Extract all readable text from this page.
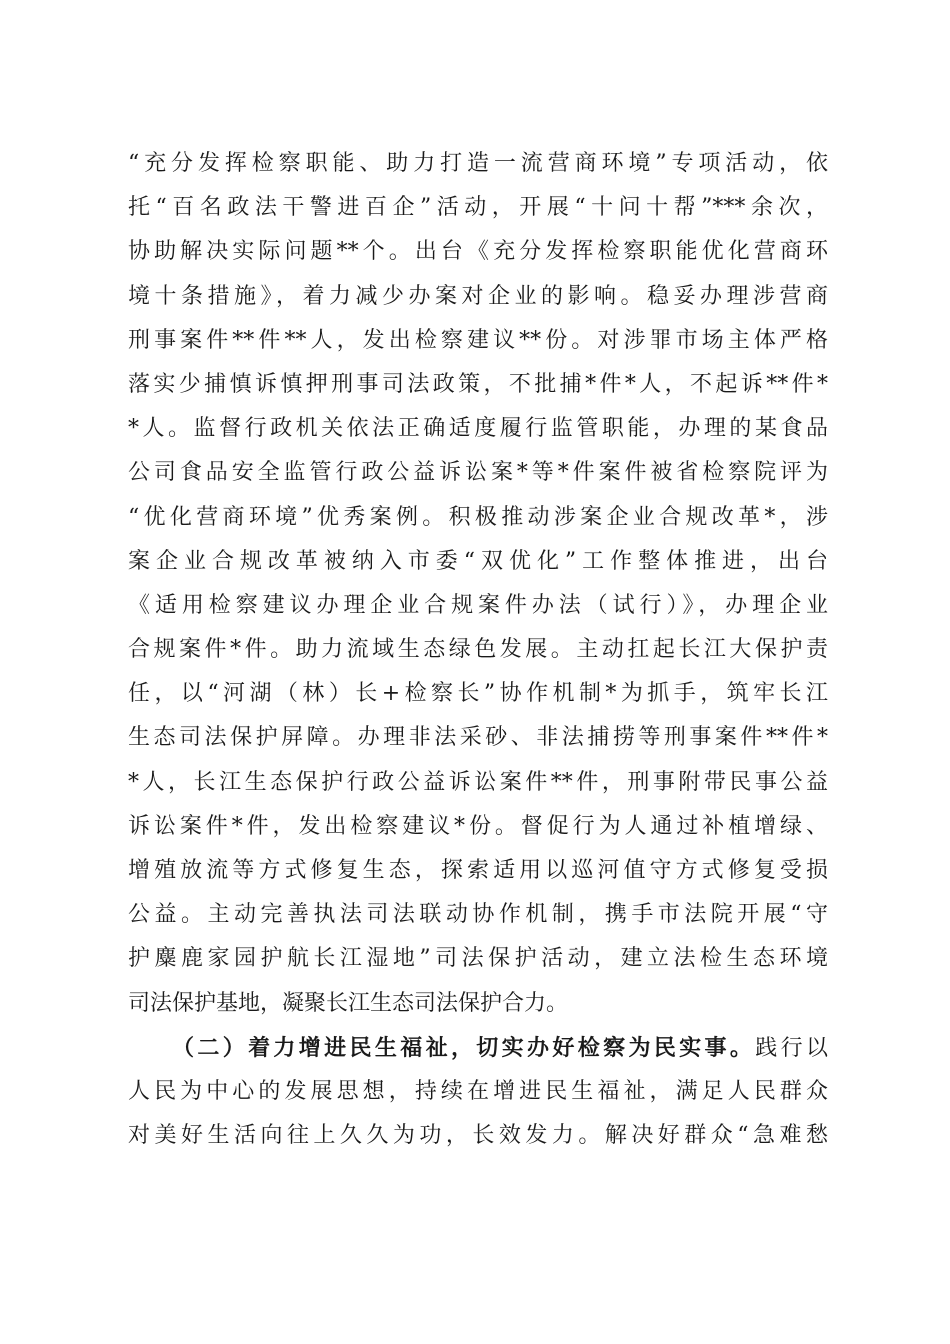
“充分发挥检察职能、助力打造一流营商环境”专项活动，依
托“百名政法干警进百企”活动，开展“十问十帮”***余次，
协助解决实际问题**个。出台《充分发挥检察职能优化营商环
境十条措施》，着力减少办案对企业的影响。稳妥办理涉营商
刑事案件**件**人，发出检察建议**份。对涉罪市场主体严格
落实少捕慎诉慎押刑事司法政策，不批捕*件*人，不起诉**件*
*人。监督行政机关依法正确适度履行监管职能，办理的某食品
公司食品安全监管行政公益诉讼案*等*件案件被省检察院评为
“优化营商环境”优秀案例。积极推动涉案企业合规改革*，涉
案企业合规改革被纳入市委“双优化”工作整体推进，出台
《适用检察建议办理企业合规案件办法（试行）》，办理企业
合规案件*件。助力流域生态绿色发展。主动扛起长江大保护责
任，以“河湖（林）长+检察长”协作机制*为抓手，筑牢长江
生态司法保护屏障。办理非法采砂、非法捕捞等刑事案件**件*
*人，长江生态保护行政公益诉讼案件**件，刑事附带民事公益
诉讼案件*件，发出检察建议*份。督促行为人通过补植增绿、
增殖放流等方式修复生态，探索适用以巡河值守方式修复受损
公益。主动完善执法司法联动协作机制，携手市法院开展“守
护麋鹿家园护航长江湿地”司法保护活动，建立法检生态环境
司法保护基地，凝聚长江生态司法保护合力。
（二）着力增进民生福祉，切实办好检察为民实事。践行以
人民为中心的发展思想，持续在增进民生福祉，满足人民群众
对美好生活向往上久久为功，长效发力。解决好群众“急难愁
